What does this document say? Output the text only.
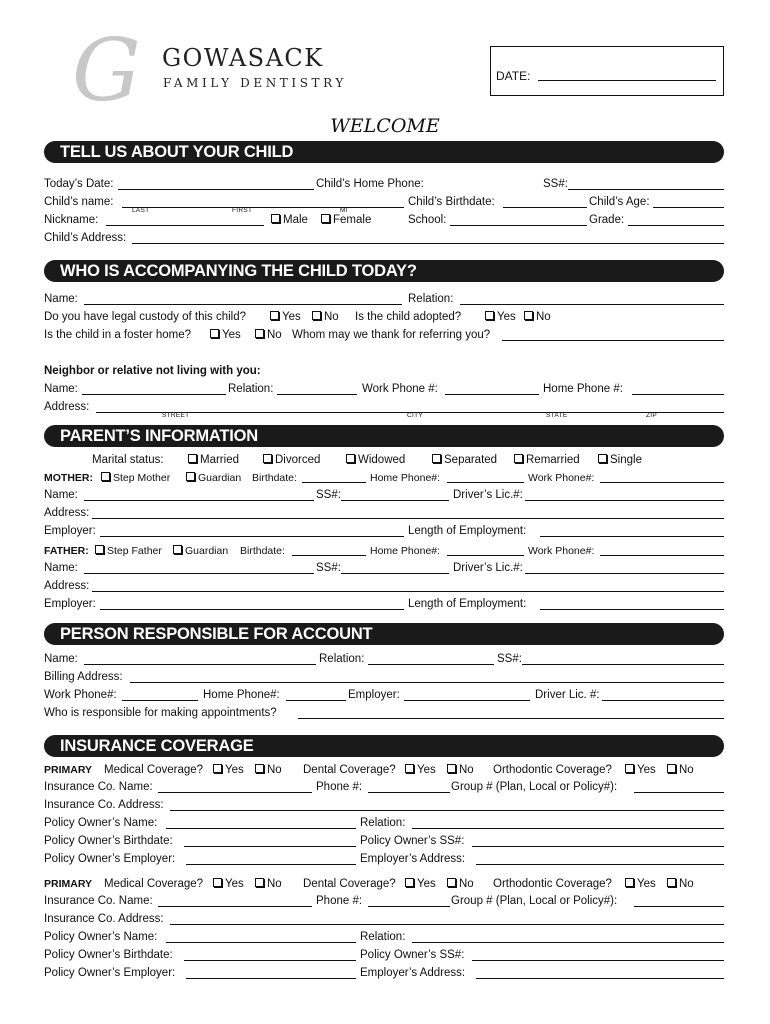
G GOWASACK
FAMILY DENTISTRY	DATE:
WELCOME
TELL US ABOUT YOUR CHILD
Today’s Date:	Child’s Home Phone:	SS#:
Child’s name:
LAST	FIRST	MI
Child’s Birthdate:	Child’s Age:
Nickname:	Male	Female	School:	Grade:
Child’s Address:
WHO IS ACCOMPANYING THE CHILD TODAY?
Name:	Relation:
Do you have legal custody of this child?	Yes	No Is the child adopted?	Yes	No
Is the child in a foster home?	Yes	No Whom may we thank for referring you?
Neighbor or relative not living with you:
Name:	Relation:	Work Phone #:	Home Phone #:
Address:
STREET	CITY	STATE	ZIP
PARENT’S INFORMATION
Marital status:	Married	Divorced	Widowed	Separated	Remarried	Single
MOTHER:	Step Mother	Guardian Birthdate:	Home Phone#:	Work Phone#:
Name:	SS#:	Driver’s Lic.#:
Address:
Employer:	Length of Employment:
FATHER:	Step Father	Guardian Birthdate:	Home Phone#:	Work Phone#:
Name:	SS#:	Driver’s Lic.#:
Address:
Employer:	Length of Employment:
PERSON RESPONSIBLE FOR ACCOUNT
Name:	Relation:	SS#:
Billing Address:
Work Phone#:	Home Phone#:	Employer:	Driver Lic. #:
Who is responsible for making appointments?
INSURANCE COVERAGE
PRIMARY Medical Coverage?	Yes	No Dental Coverage?	Yes	No Orthodontic Coverage?	Yes	No
Insurance Co. Name:	Phone #:	Group # (Plan, Local or Policy#):
Insurance Co. Address:
Policy Owner’s Name:	Relation:
Policy Owner’s Birthdate:	Policy Owner’s SS#:
Policy Owner’s Employer:	Employer’s Address:
PRIMARY Medical Coverage?	Yes	No Dental Coverage?	Yes	No Orthodontic Coverage?	Yes	No
Insurance Co. Name:	Phone #:	Group # (Plan, Local or Policy#):
Insurance Co. Address:
Policy Owner’s Name:	Relation:
Policy Owner’s Birthdate:	Policy Owner’s SS#:
Policy Owner’s Employer:	Employer’s Address:
